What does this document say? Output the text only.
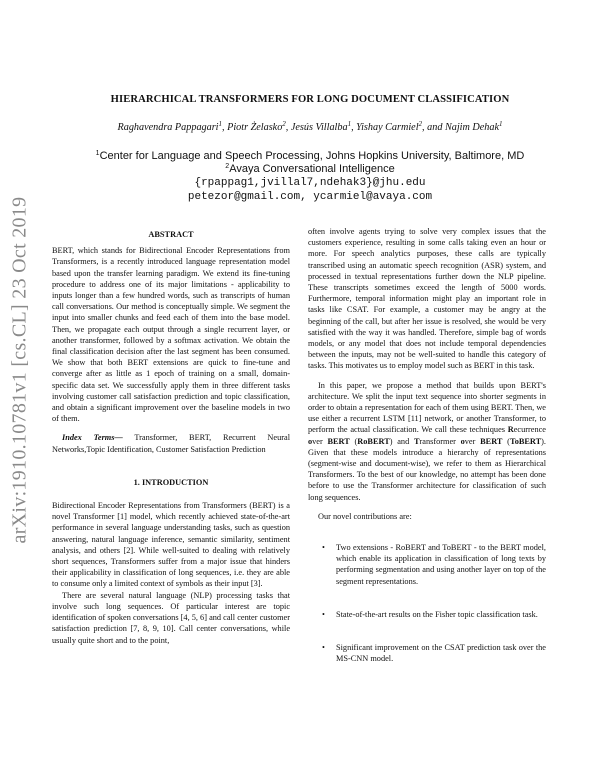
arXiv:1910.10781v1 [cs.CL] 23 Oct 2019
HIERARCHICAL TRANSFORMERS FOR LONG DOCUMENT CLASSIFICATION
Raghavendra Pappagari$^1$, Piotr Żelasko$^2$, Jesús Villalba$^1$, Yishay Carmiel$^2$, and Najim Dehak$^1$
$^1$Center for Language and Speech Processing, Johns Hopkins University, Baltimore, MD
$^2$Avaya Conversational Intelligence
{rpappag1,jvillal7,ndehak3}@jhu.edu
petezor@gmail.com, ycarmiel@avaya.com
ABSTRACT

BERT, which stands for Bidirectional Encoder Representations from Transformers, is a recently introduced language representation model based upon the transfer learning paradigm. We extend its fine-tuning procedure to address one of its major limitations - applicability to inputs longer than a few hundred words, such as transcripts of human call conversations. Our method is conceptually simple. We segment the input into smaller chunks and feed each of them into the base model. Then, we propagate each output through a single recurrent layer, or another transformer, followed by a softmax activation. We obtain the final classification decision after the last segment has been consumed. We show that both BERT extensions are quick to fine-tune and converge after as little as 1 epoch of training on a small, domain-specific data set. We successfully apply them in three different tasks involving customer call satisfaction prediction and topic classification, and obtain a significant improvement over the baseline models in two of them.

Index Terms— Transformer, BERT, Recurrent Neural Networks,Topic Identification, Customer Satisfaction Prediction

1. INTRODUCTION

Bidirectional Encoder Representations from Transformers (BERT) is a novel Transformer [1] model, which recently achieved state-of-the-art performance in several language understanding tasks, such as question answering, natural language inference, semantic similarity, sentiment analysis, and others [2]. While well-suited to dealing with relatively short sequences, Transformers suffer from a major issue that hinders their applicability in classification of long sequences, i.e. they are able to consume only a limited context of symbols as their input [3].

There are several natural language (NLP) processing tasks that involve such long sequences. Of particular interest are topic identification of spoken conversations [4, 5, 6] and call center customer satisfaction prediction [7, 8, 9, 10]. Call center conversations, while usually quite short and to the point,

often involve agents trying to solve very complex issues that the customers experience, resulting in some calls taking even an hour or more. For speech analytics purposes, these calls are typically transcribed using an automatic speech recognition (ASR) system, and processed in textual representations further down the NLP pipeline. These transcripts sometimes exceed the length of 5000 words. Furthermore, temporal information might play an important role in tasks like CSAT. For example, a customer may be angry at the beginning of the call, but after her issue is resolved, she would be very satisfied with the way it was handled. Therefore, simple bag of words models, or any model that does not include temporal dependencies between the inputs, may not be well-suited to handle this category of tasks. This motivates us to employ model such as BERT in this task.

In this paper, we propose a method that builds upon BERT's architecture. We split the input text sequence into shorter segments in order to obtain a representation for each of them using BERT. Then, we use either a recurrent LSTM [11] network, or another Transformer, to perform the actual classification. We call these techniques Recurrence over BERT (RoBERT) and Transformer over BERT (ToBERT). Given that these models introduce a hierarchy of representations (segment-wise and document-wise), we refer to them as Hierarchical Transformers. To the best of our knowledge, no attempt has been done before to use the Transformer architecture for classification of such long sequences.

Our novel contributions are:

• Two extensions - RoBERT and ToBERT - to the BERT model, which enable its application in classification of long texts by performing segmentation and using another layer on top of the segment representations.
• State-of-the-art results on the Fisher topic classification task.
• Significant improvement on the CSAT prediction task over the MS-CNN model.
